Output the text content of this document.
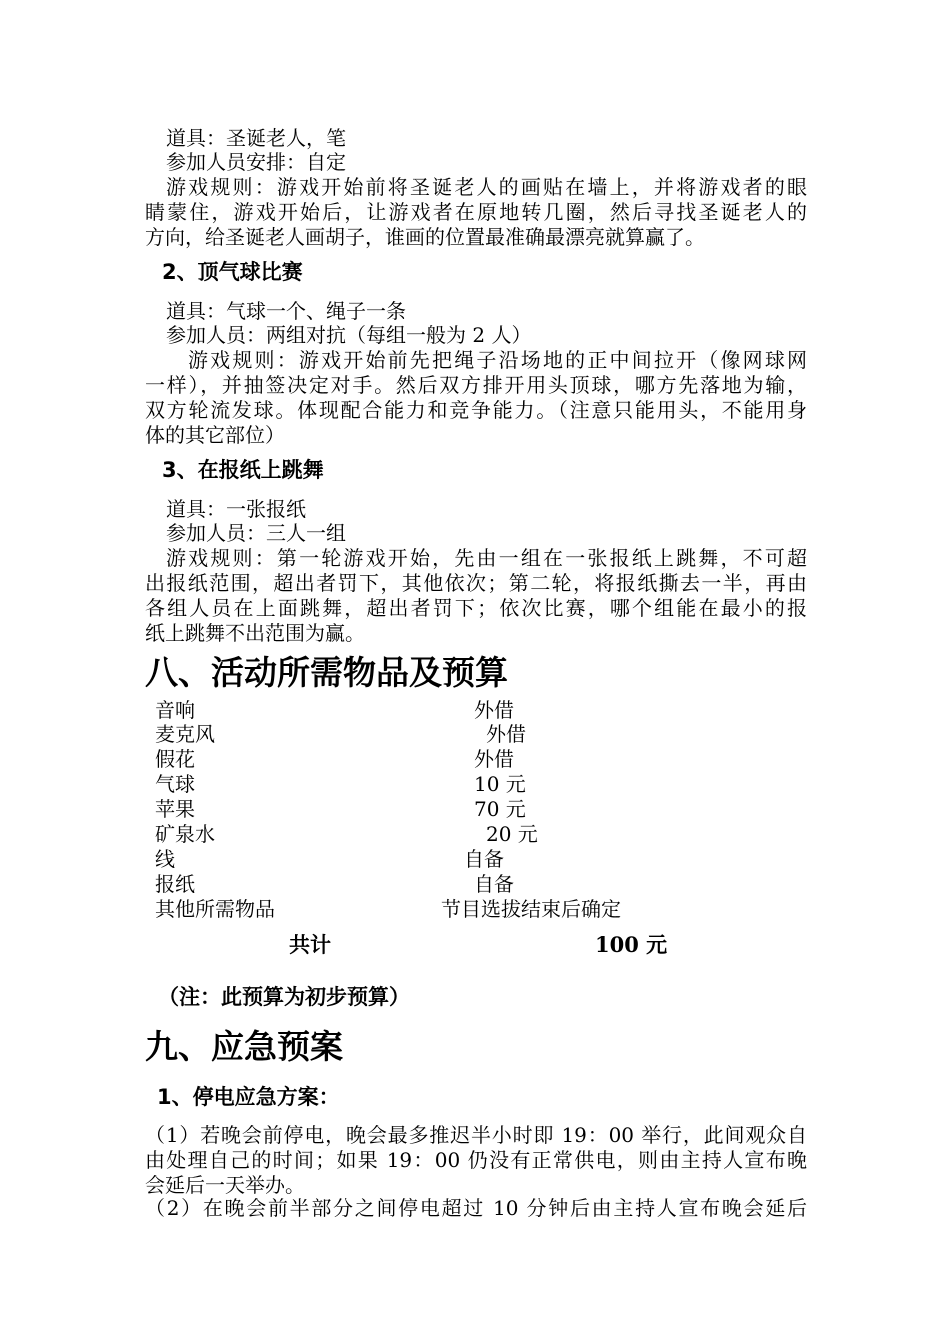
道具：圣诞老人，笔
参加人员安排：自定
游戏规则：游戏开始前将圣诞老人的画贴在墙上，并将游戏者的眼
睛蒙住，游戏开始后，让游戏者在原地转几圈，然后寻找圣诞老人的
方向，给圣诞老人画胡子，谁画的位置最准确最漂亮就算赢了。
2、顶气球比赛
道具：气球一个、绳子一条
参加人员：两组对抗（每组一般为 2 人）
游戏规则：游戏开始前先把绳子沿场地的正中间拉开（像网球网
一样），并抽签决定对手。然后双方排开用头顶球，哪方先落地为输，
双方轮流发球。体现配合能力和竞争能力。（注意只能用头，不能用身
体的其它部位）
3、在报纸上跳舞
道具：一张报纸
参加人员：三人一组
游戏规则：第一轮游戏开始，先由一组在一张报纸上跳舞，不可超
出报纸范围，超出者罚下，其他依次；第二轮，将报纸撕去一半，再由
各组人员在上面跳舞，超出者罚下；依次比赛，哪个组能在最小的报
纸上跳舞不出范围为赢。
八、活动所需物品及预算
音响	外借
麦克风	外借
假花	外借
气球	10 元
苹果	70 元
矿泉水	20 元
线	自备
报纸	自备
其他所需物品	节目选拔结束后确定
共计	100 元
（注：此预算为初步预算）
九、应急预案
1、停电应急方案：
（1）若晚会前停电，晚会最多推迟半小时即 19：00 举行，此间观众自
由处理自己的时间；如果 19：00 仍没有正常供电，则由主持人宣布晚
会延后一天举办。
（2）在晚会前半部分之间停电超过 10 分钟后由主持人宣布晚会延后
